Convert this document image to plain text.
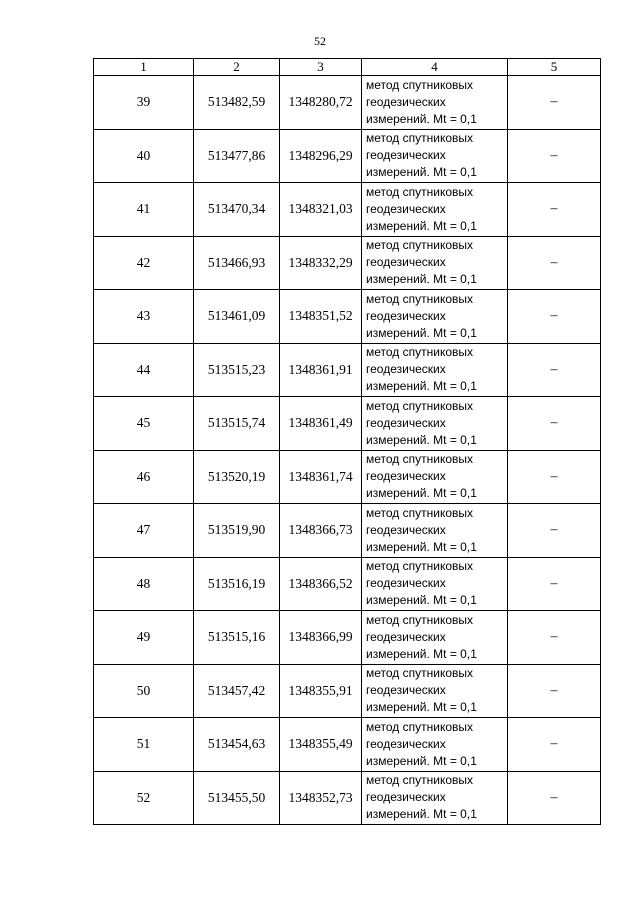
52
1	2	3	4	5
39	513482,59	1348280,72	метод спутниковых
геодезических
измерений. Mt = 0,1	–
40	513477,86	1348296,29	метод спутниковых
геодезических
измерений. Mt = 0,1	–
41	513470,34	1348321,03	метод спутниковых
геодезических
измерений. Mt = 0,1	–
42	513466,93	1348332,29	метод спутниковых
геодезических
измерений. Mt = 0,1	–
43	513461,09	1348351,52	метод спутниковых
геодезических
измерений. Mt = 0,1	–
44	513515,23	1348361,91	метод спутниковых
геодезических
измерений. Mt = 0,1	–
45	513515,74	1348361,49	метод спутниковых
геодезических
измерений. Mt = 0,1	–
46	513520,19	1348361,74	метод спутниковых
геодезических
измерений. Mt = 0,1	–
47	513519,90	1348366,73	метод спутниковых
геодезических
измерений. Mt = 0,1	–
48	513516,19	1348366,52	метод спутниковых
геодезических
измерений. Mt = 0,1	–
49	513515,16	1348366,99	метод спутниковых
геодезических
измерений. Mt = 0,1	–
50	513457,42	1348355,91	метод спутниковых
геодезических
измерений. Mt = 0,1	–
51	513454,63	1348355,49	метод спутниковых
геодезических
измерений. Mt = 0,1	–
52	513455,50	1348352,73	метод спутниковых
геодезических
измерений. Mt = 0,1	–
